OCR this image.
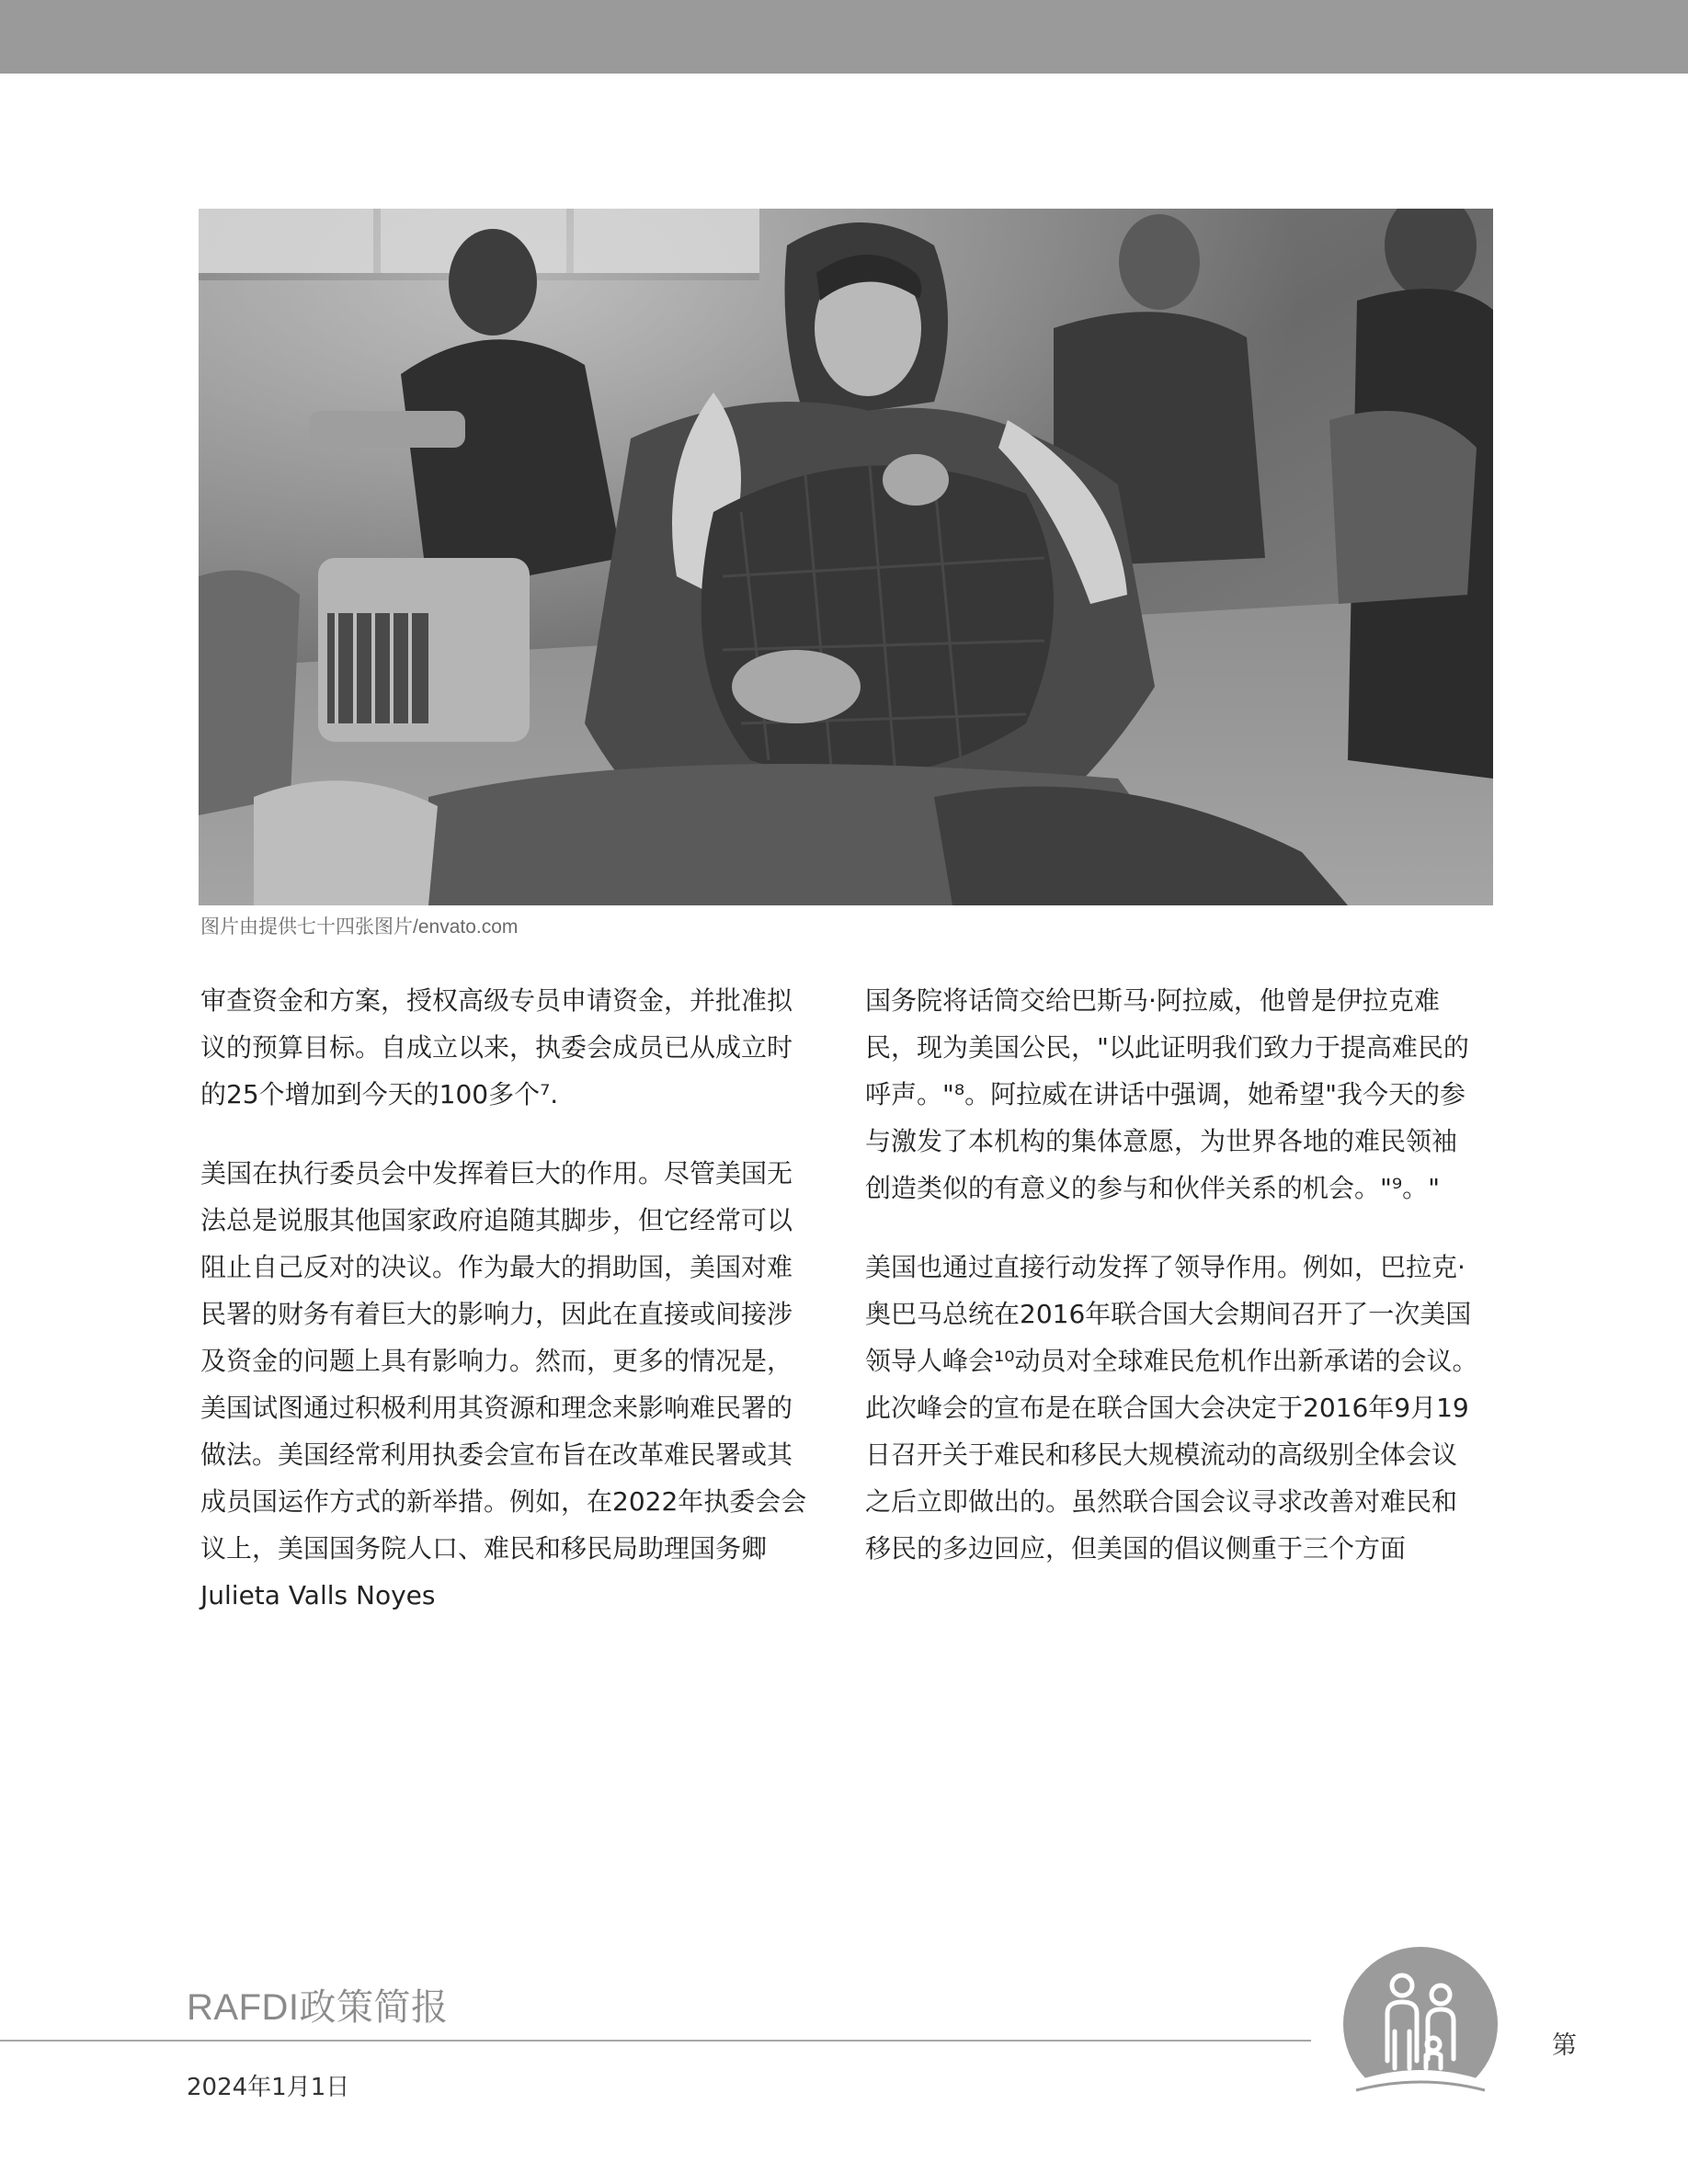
图片由提供七十四张图片/envato.com

审查资金和方案，授权高级专员申请资金，并批准拟议的预算目标。自成立以来，执委会成员已从成立时的25个增加到今天的100多个⁷.

美国在执行委员会中发挥着巨大的作用。尽管美国无法总是说服其他国家政府追随其脚步，但它经常可以阻止自己反对的决议。作为最大的捐助国，美国对难民署的财务有着巨大的影响力，因此在直接或间接涉及资金的问题上具有影响力。然而，更多的情况是，美国试图通过积极利用其资源和理念来影响难民署的做法。美国经常利用执委会宣布旨在改革难民署或其成员国运作方式的新举措。例如，在2022年执委会会议上，美国国务院人口、难民和移民局助理国务卿Julieta Valls Noyes

国务院将话筒交给巴斯马·阿拉威，他曾是伊拉克难民，现为美国公民，"以此证明我们致力于提高难民的呼声。"⁸。阿拉威在讲话中强调，她希望"我今天的参与激发了本机构的集体意愿，为世界各地的难民领袖创造类似的有意义的参与和伙伴关系的机会。"⁹。"

美国也通过直接行动发挥了领导作用。例如，巴拉克·奥巴马总统在2016年联合国大会期间召开了一次美国领导人峰会¹⁰动员对全球难民危机作出新承诺的会议。此次峰会的宣布是在联合国大会决定于2016年9月19日召开关于难民和移民大规模流动的高级别全体会议之后立即做出的。虽然联合国会议寻求改善对难民和移民的多边回应，但美国的倡议侧重于三个方面

RAFDI政策简报
2024年1月1日
第
